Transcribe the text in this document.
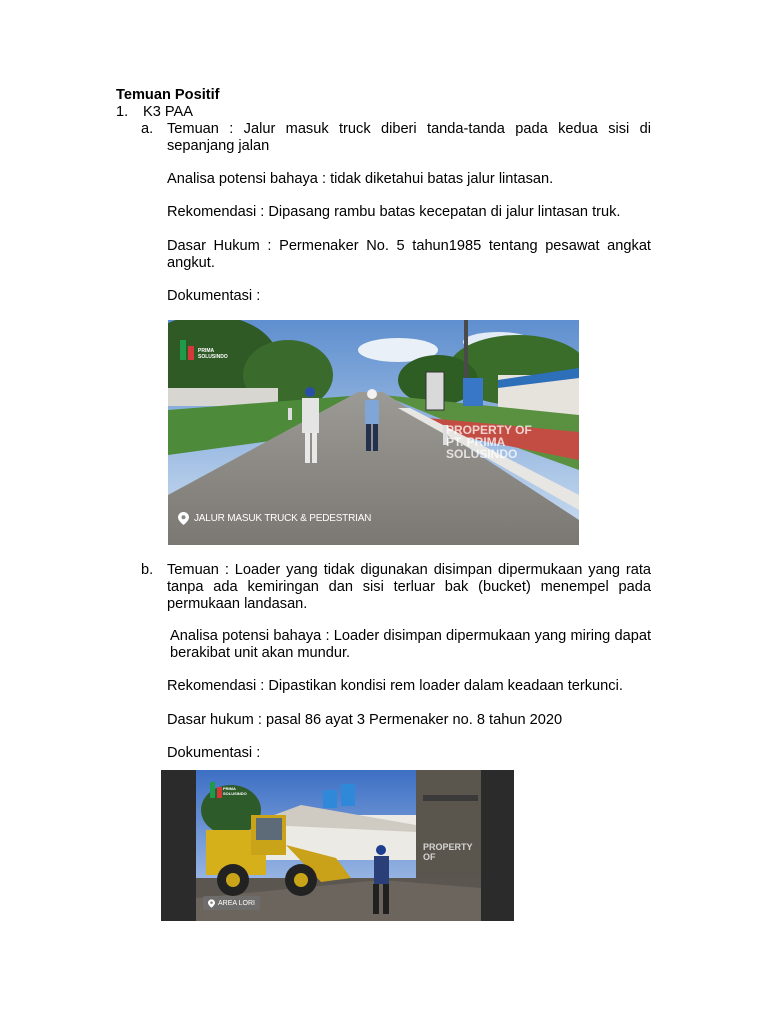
Temuan Positif
1. K3 PAA
a. Temuan : Jalur masuk truck diberi tanda-tanda pada kedua sisi di sepanjang jalan
Analisa potensi bahaya : tidak diketahui batas jalur lintasan.
Rekomendasi : Dipasang rambu batas kecepatan di jalur lintasan truk.
Dasar Hukum : Permenaker No. 5 tahun1985 tentang pesawat angkat angkut.
Dokumentasi :
PRIMA SOLUSINDO
PROPERTY OF PT. PRIMA SOLUSINDO
JALUR MASUK TRUCK & PEDESTRIAN
b. Temuan : Loader yang tidak digunakan disimpan dipermukaan yang rata tanpa ada kemiringan dan sisi terluar bak (bucket) menempel pada permukaan landasan.
Analisa potensi bahaya : Loader disimpan dipermukaan yang miring dapat berakibat unit akan mundur.
Rekomendasi : Dipastikan kondisi rem loader dalam keadaan terkunci.
Dasar hukum : pasal 86 ayat 3 Permenaker no. 8 tahun 2020
Dokumentasi :
PRIMA SOLUSINDO
PROPERTY OF
AREA LORI
